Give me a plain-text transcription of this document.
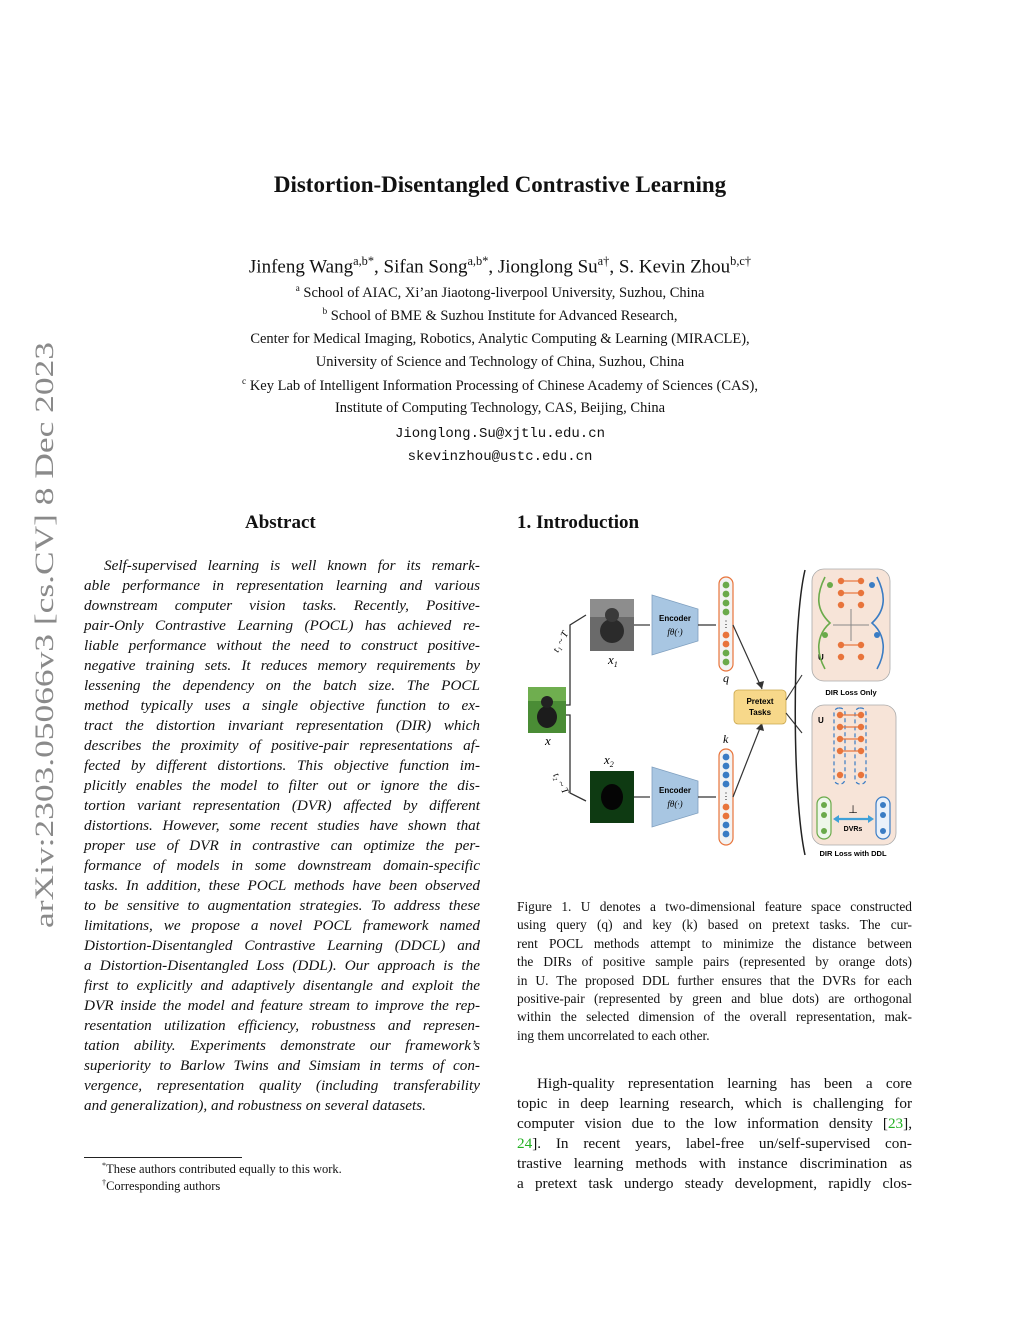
arXiv:2303.05066v3 [cs.CV] 8 Dec 2023
Distortion-Disentangled Contrastive Learning
Jinfeng Wang$^{a,b*}$, Sifan Song$^{a,b*}$, Jionglong $Su^{a\dagger}$, S. Kevin Zhou$^{b,c\dagger}$
$^a$ School of AIAC, Xi’an Jiaotong-liverpool University, Suzhou, China
$^b$ School of BME & Suzhou Institute for Advanced Research,
Center for Medical Imaging, Robotics, Analytic Computing & Learning (MIRACLE),
University of Science and Technology of China, Suzhou, China
$^c$ Key Lab of Intelligent Information Processing of Chinese Academy of Sciences (CAS),
Institute of Computing Technology, CAS, Beijing, China
Jionglong.Su@xjtlu.edu.cn
skevinzhou@ustc.edu.cn
Abstract
Self-supervised learning is well known for its remark-
able performance in representation learning and various
downstream computer vision tasks. Recently, Positive-
pair-Only Contrastive Learning (POCL) has achieved re-
liable performance without the need to construct positive-
negative training sets. It reduces memory requirements by
lessening the dependency on the batch size. The POCL
method typically uses a single objective function to ex-
tract the distortion invariant representation (DIR) which
describes the proximity of positive-pair representations af-
fected by different distortions. This objective function im-
plicitly enables the model to filter out or ignore the dis-
tortion variant representation (DVR) affected by different
distortions. However, some recent studies have shown that
proper use of DVR in contrastive can optimize the per-
formance of models in some downstream domain-specific
tasks. In addition, these POCL methods have been observed
to be sensitive to augmentation strategies. To address these
limitations, we propose a novel POCL framework named
Distortion-Disentangled Contrastive Learning (DDCL) and
a Distortion-Disentangled Loss (DDL). Our approach is the
first to explicitly and adaptively disentangle and exploit the
DVR inside the model and feature stream to improve the rep-
resentation utilization efficiency, robustness and represen-
tation ability. Experiments demonstrate our framework’s
superiority to Barlow Twins and Simsiam in terms of con-
vergence, representation quality (including transferability
and generalization), and robustness on several datasets.
*These authors contributed equally to this work.
†Corresponding authors
1. Introduction
x
t₁ ~ T
t₂ ~ T
$x_1$
$x_2$
Encoder
fθ(·)
Encoder
fθ(·)
⋮
q
k
⋮
Pretext
Tasks
U
DIR Loss Only
U
⊥
DVRs
DIR Loss with DDL
Figure 1. U denotes a two-dimensional feature space constructed
using query (q) and key (k) based on pretext tasks. The cur-
rent POCL methods attempt to minimize the distance between
the DIRs of positive sample pairs (represented by orange dots)
in U. The proposed DDL further ensures that the DVRs for each
positive-pair (represented by green and blue dots) are orthogonal
within the selected dimension of the overall representation, mak-
ing them uncorrelated to each other.
High-quality representation learning has been a core
topic in deep learning research, which is challenging for
computer vision due to the low information density [23],
24]. In recent years, label-free un/self-supervised con-
trastive learning methods with instance discrimination as
a pretext task undergo steady development, rapidly clos-
